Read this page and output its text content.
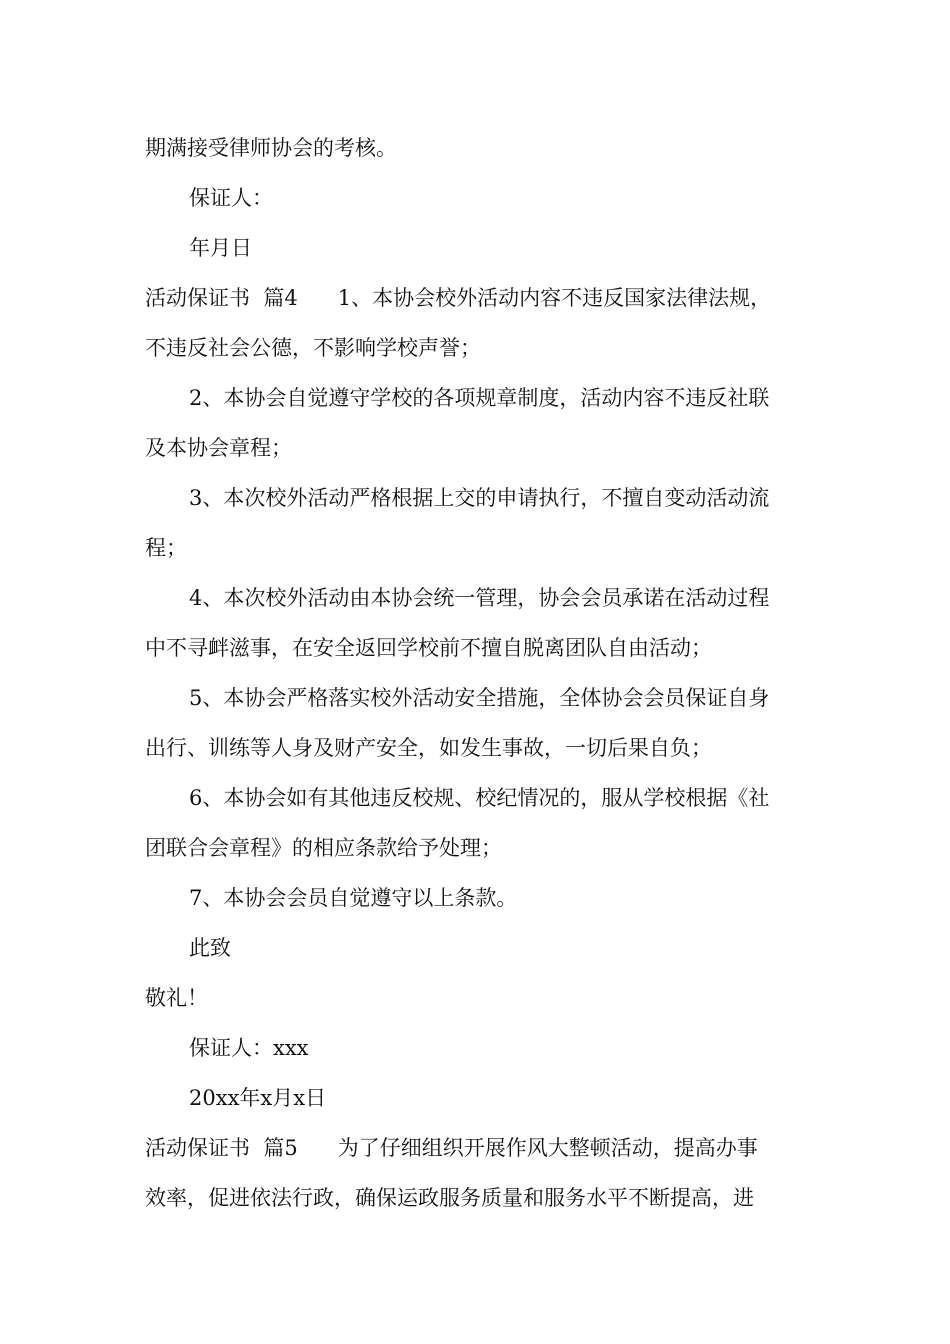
期满接受律师协会的考核。
保证人：
年月日
活动保证书  篇4      1、本协会校外活动内容不违反国家法律法规，
不违反社会公德，不影响学校声誉；
2、本协会自觉遵守学校的各项规章制度，活动内容不违反社联
及本协会章程；
3、本次校外活动严格根据上交的申请执行，不擅自变动活动流
程；
4、本次校外活动由本协会统一管理，协会会员承诺在活动过程
中不寻衅滋事，在安全返回学校前不擅自脱离团队自由活动；
5、本协会严格落实校外活动安全措施，全体协会会员保证自身
出行、训练等人身及财产安全，如发生事故，一切后果自负；
6、本协会如有其他违反校规、校纪情况的，服从学校根据《社
团联合会章程》的相应条款给予处理；
7、本协会会员自觉遵守以上条款。
此致
敬礼！
保证人：xxx
20xx年x月x日
活动保证书  篇5      为了仔细组织开展作风大整顿活动，提高办事
效率，促进依法行政，确保运政服务质量和服务水平不断提高，进
